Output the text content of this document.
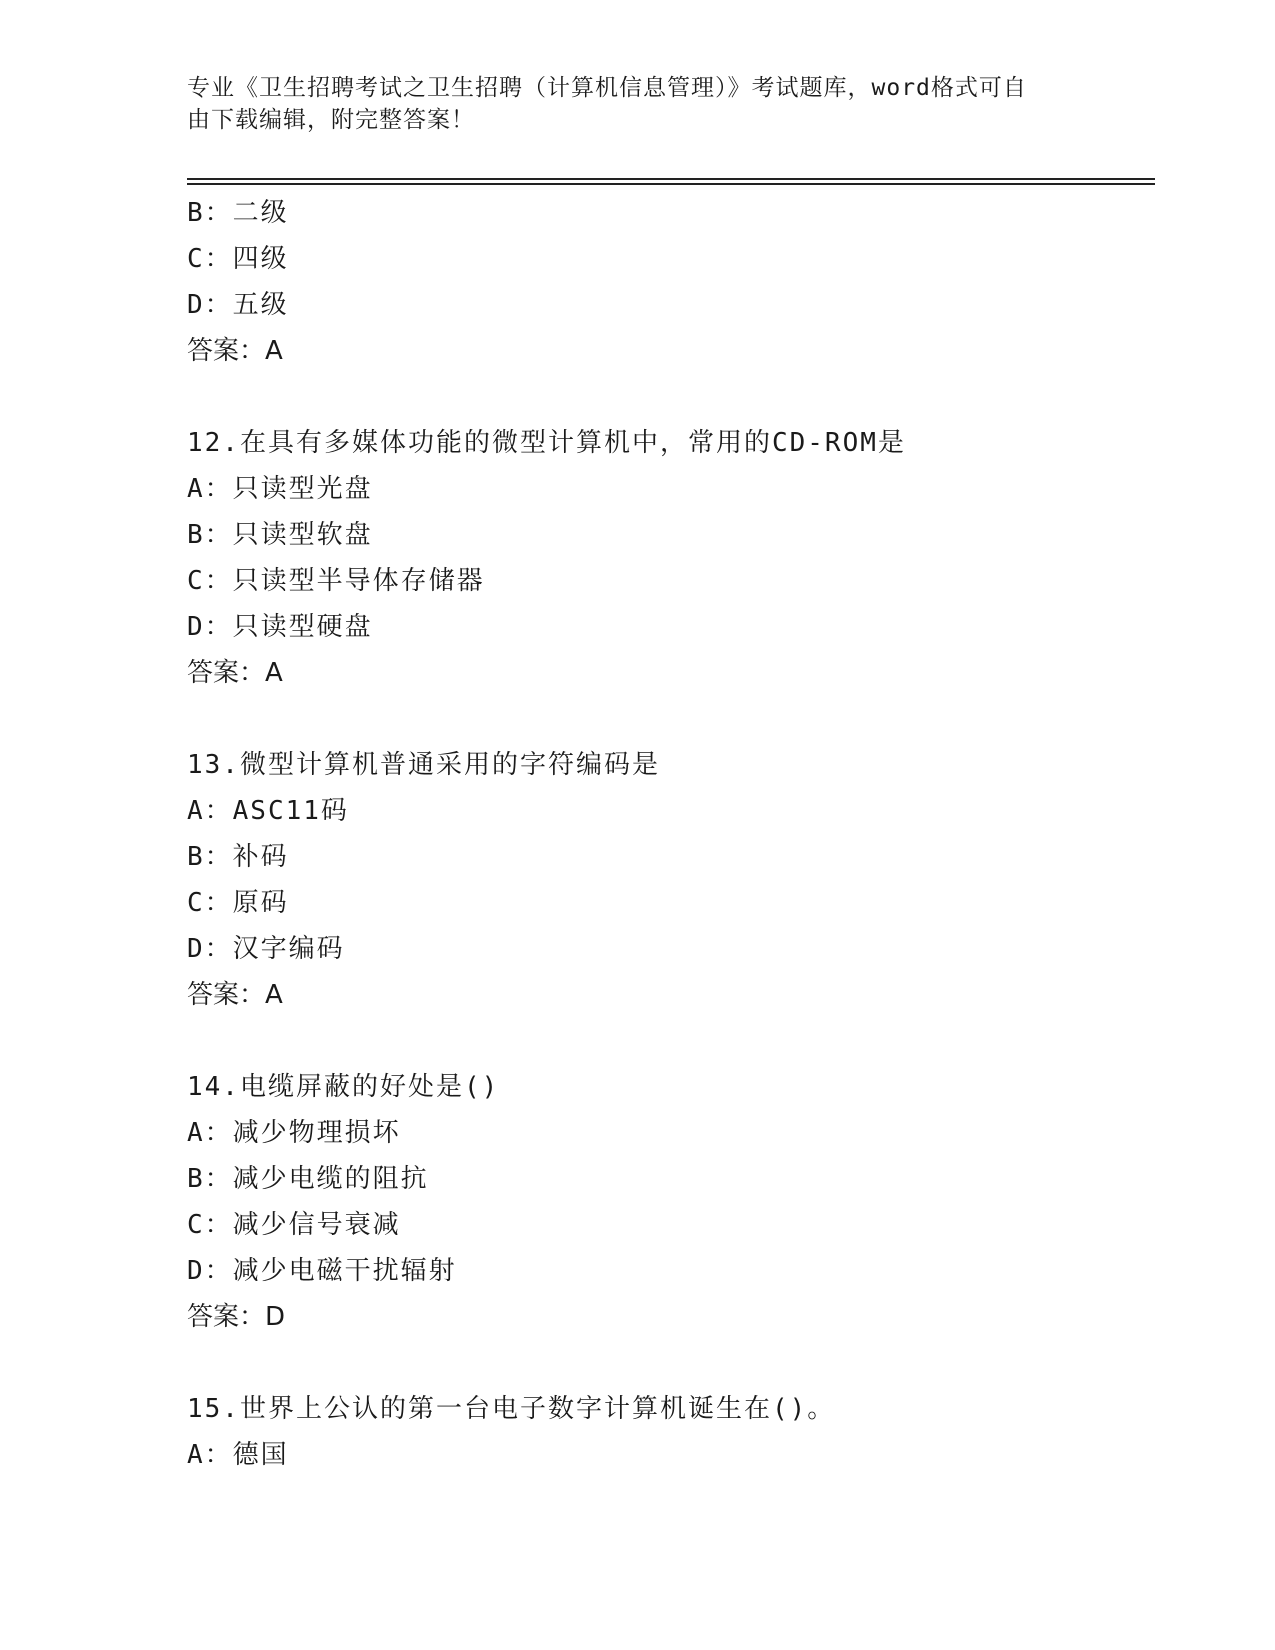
专业《卫生招聘考试之卫生招聘（计算机信息管理）》考试题库，word格式可自
由下载编辑，附完整答案！
B：二级
C：四级
D：五级
答案：A
12.在具有多媒体功能的微型计算机中，常用的CD-ROM是
A：只读型光盘
B：只读型软盘
C：只读型半导体存储器
D：只读型硬盘
答案：A
13.微型计算机普通采用的字符编码是
A：ASC11码
B：补码
C：原码
D：汉字编码
答案：A
14.电缆屏蔽的好处是()
A：减少物理损坏
B：减少电缆的阻抗
C：减少信号衰减
D：减少电磁干扰辐射
答案：D
15.世界上公认的第一台电子数字计算机诞生在()。
A：德国
